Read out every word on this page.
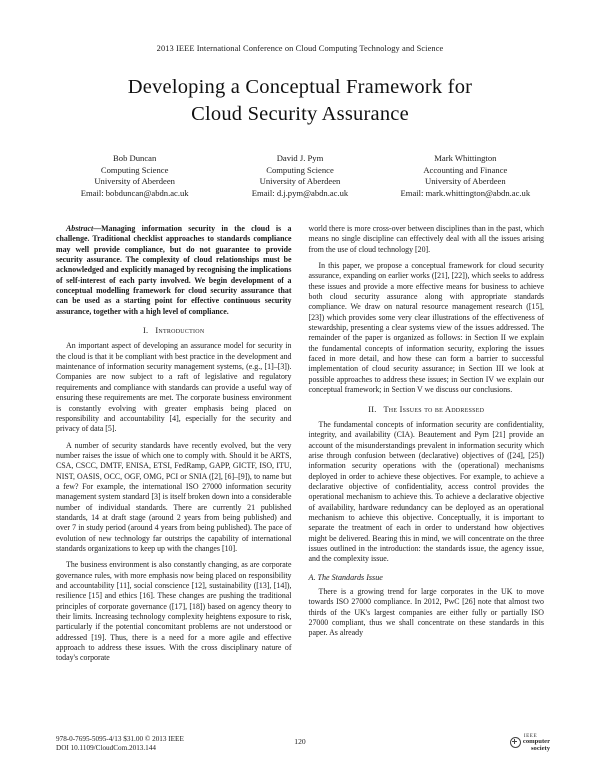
2013 IEEE International Conference on Cloud Computing Technology and Science
Developing a Conceptual Framework for
Cloud Security Assurance
Bob Duncan
Computing Science
University of Aberdeen
Email: bobduncan@abdn.ac.uk
David J. Pym
Computing Science
University of Aberdeen
Email: d.j.pym@abdn.ac.uk
Mark Whittington
Accounting and Finance
University of Aberdeen
Email: mark.whittington@abdn.ac.uk

Abstract—Managing information security in the cloud is a challenge. Traditional checklist approaches to standards compliance may well provide compliance, but do not guarantee to provide security assurance. The complexity of cloud relationships must be acknowledged and explicitly managed by recognising the implications of self-interest of each party involved. We begin development of a conceptual modelling framework for cloud security assurance that can be used as a starting point for effective continuous security assurance, together with a high level of compliance.

I. Introduction

An important aspect of developing an assurance model for security in the cloud is that it be compliant with best practice in the development and maintenance of information security management systems, (e.g., [1]–[3]). Companies are now subject to a raft of legislative and regulatory requirements and compliance with standards can provide a useful way of ensuring these requirements are met. The corporate business environment is constantly evolving with greater emphasis being placed on responsibility and accountability [4], especially for the security and privacy of data [5].

A number of security standards have recently evolved, but the very number raises the issue of which one to comply with. Should it be ARTS, CSA, CSCC, DMTF, ENISA, ETSI, FedRamp, GAPP, GICTF, ISO, ITU, NIST, OASIS, OCC, OGF, OMG, PCI or SNIA ([2], [6]–[9]), to name but a few? For example, the international ISO 27000 information security management system standard [3] is itself broken down into a considerable number of individual standards. There are currently 21 published standards, 14 at draft stage (around 2 years from being published) and over 7 in study period (around 4 years from being published). The pace of evolution of new technology far outstrips the capability of international standards organizations to keep up with the changes [10].

The business environment is also constantly changing, as are corporate governance rules, with more emphasis now being placed on responsibility and accountability [11], social conscience [12], sustainability ([13], [14]), resilience [15] and ethics [16]. These changes are pushing the traditional principles of corporate governance ([17], [18]) based on agency theory to their limits. Increasing technology complexity heightens exposure to risk, particularly if the potential concomitant problems are not understood or addressed [19]. Thus, there is a need for a more agile and effective approach to address these issues. With the cross disciplinary nature of today's corporate

world there is more cross-over between disciplines than in the past, which means no single discipline can effectively deal with all the issues arising from the use of cloud technology [20].

In this paper, we propose a conceptual framework for cloud security assurance, expanding on earlier works ([21], [22]), which seeks to address these issues and provide a more effective means for business to achieve both cloud security assurance along with appropriate standards compliance. We draw on natural resource management research ([15], [23]) which provides some very clear illustrations of the effectiveness of stewardship, presenting a clear systems view of the issues addressed. The remainder of the paper is organized as follows: in Section II we explain the fundamental concepts of information security, exploring the issues faced in more detail, and how these can form a barrier to successful implementation of cloud security assurance; in Section III we look at possible approaches to address these issues; in Section IV we explain our conceptual framework; in Section V we discuss our conclusions.

II. The Issues to be Addressed

The fundamental concepts of information security are confidentiality, integrity, and availability (CIA). Beautement and Pym [21] provide an account of the misunderstandings prevalent in information security which arise through confusion between (declarative) objectives of ([24], [25]) information security operations with the (operational) mechanisms deployed in order to achieve these objectives. For example, to achieve a declarative objective of confidentiality, access control provides the operational mechanism to achieve this. To achieve a declarative objective of availability, hardware redundancy can be deployed as an operational mechanism to achieve this objective. Conceptually, it is important to separate the treatment of each in order to understand how objectives might be delivered. Bearing this in mind, we will concentrate on the three issues outlined in the introduction: the standards issue, the agency issue, and the complexity issue.

A. The Standards Issue

There is a growing trend for large corporates in the UK to move towards ISO 27000 compliance. In 2012, PwC [26] note that almost two thirds of the UK's largest companies are either fully or partially ISO 27000 compliant, thus we shall concentrate on these standards in this paper. As already

978-0-7695-5095-4/13 $31.00 © 2013 IEEE
DOI 10.1109/CloudCom.2013.144
120
IEEE
computer
society
